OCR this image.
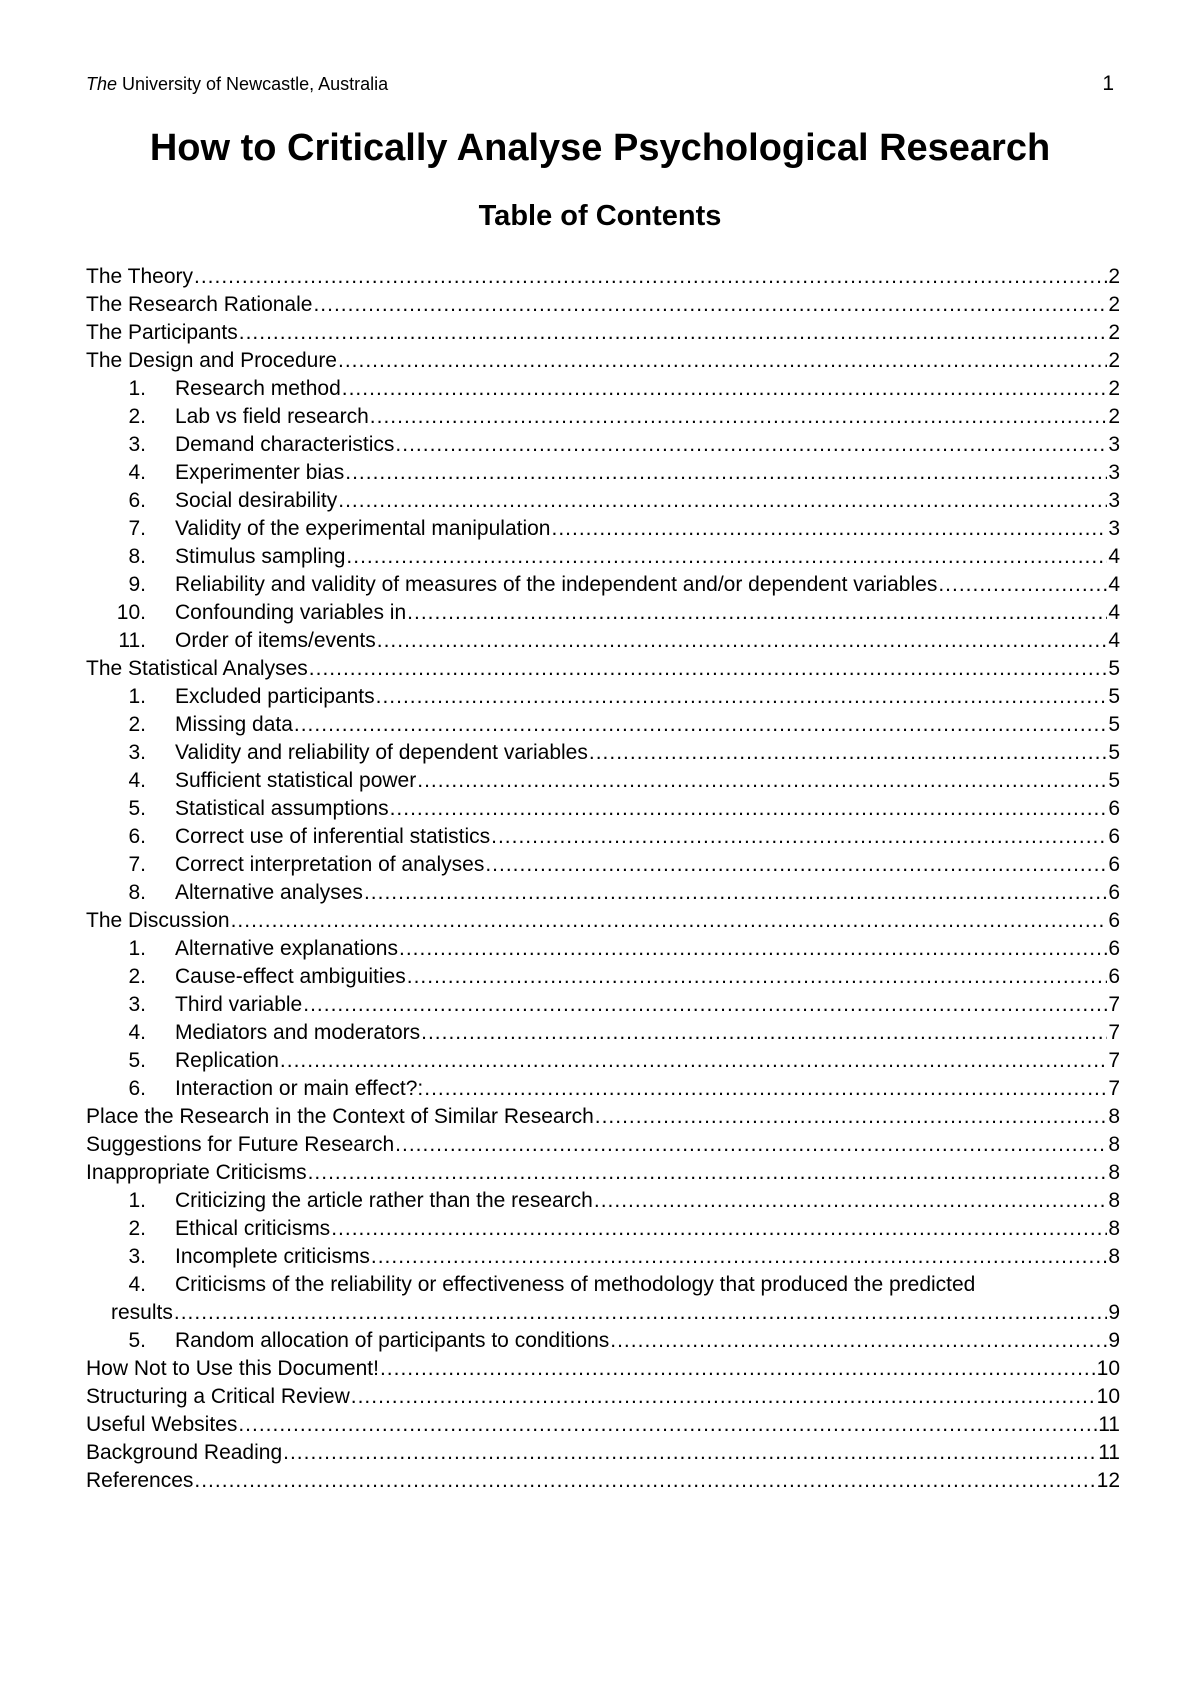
The University of Newcastle, Australia	1
How to Critically Analyse Psychological Research
Table of Contents
The Theory .....	2
The Research Rationale .....	2
The Participants .....	2
The Design and Procedure .....	2
1.	Research method .....	2
2.	Lab vs field research .....	2
3.	Demand characteristics .....	3
4.	Experimenter bias .....	3
6.	Social desirability .....	3
7.	Validity of the experimental manipulation .....	3
8.	Stimulus sampling .....	4
9.	Reliability and validity of measures of the independent and/or dependent variables .....	4
10.	Confounding variables in .....	4
11.	Order of items/events .....	4
The Statistical Analyses .....	5
1.	Excluded participants .....	5
2.	Missing data .....	5
3.	Validity and reliability of dependent variables .....	5
4.	Sufficient statistical power .....	5
5.	Statistical assumptions .....	6
6.	Correct use of inferential statistics .....	6
7.	Correct interpretation of analyses .....	6
8.	Alternative analyses .....	6
The Discussion .....	6
1.	Alternative explanations .....	6
2.	Cause-effect ambiguities .....	6
3.	Third variable .....	7
4.	Mediators and moderators .....	7
5.	Replication .....	7
6.	Interaction or main effect?: .....	7
Place the Research in the Context of Similar Research .....	8
Suggestions for Future Research .....	8
Inappropriate Criticisms .....	8
1.	Criticizing the article rather than the research .....	8
2.	Ethical criticisms .....	8
3.	Incomplete criticisms .....	8
4.	Criticisms of the reliability or effectiveness of methodology that produced the predicted
results .....	9
5.	Random allocation of participants to conditions .....	9
How Not to Use this Document! .....	10
Structuring a Critical Review .....	10
Useful Websites .....	11
Background Reading .....	11
References .....	12
